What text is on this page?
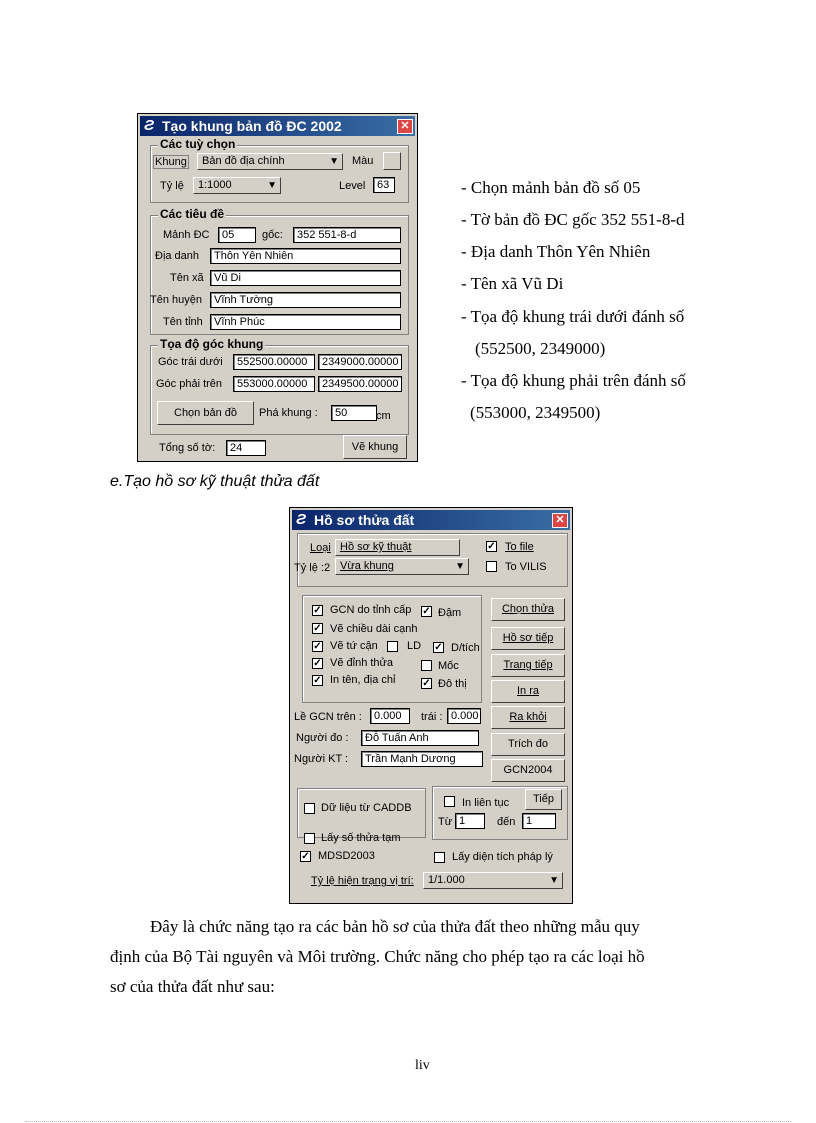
Ƨ Tạo khung bản đồ ĐC 2002	✕
Các tuỳ chọn
Khung	Bản đồ địa chính	▼ Màu
Tỷ lệ	1:1000	▼	Level	63
Các tiêu đề
Mảnh ĐC	05	gốc:	352 551-8-d
Địa danh	Thôn Yên Nhiên
Tên xã Vũ Di
Tên huyện	Vĩnh Tường
Tên tỉnh	Vĩnh Phúc
Tọa độ góc khung
Góc trái dưới	552500.00000	2349000.00000
Góc phải trên	553000.00000	2349500.00000
Chọn bản đồ	Phá khung :	50	cm
Tổng số tờ:	24	Vẽ khung
- Chọn mảnh bản đồ số 05
- Tờ bản đồ ĐC gốc 352 551-8-d
- Địa danh Thôn Yên Nhiên
- Tên xã Vũ Di
- Tọa độ khung trái dưới đánh số
(552500, 2349000)
- Tọa độ khung phải trên đánh số
(553000, 2349500)
e.Tạo hồ sơ kỹ thuật thửa đất
Ƨ Hồ sơ thửa đất	✕
Loại Hồ sơ kỹ thuật	✓ To file
Tỷ lệ :2 Vừa khung	▼	To VILIS
✓ GCN do tỉnh cấp ✓ Đậm
✓ Vẽ chiều dài cạnh
✓ Vẽ tứ cận	LD ✓ D/tích
✓ Vẽ đỉnh thửa	Mốc
✓ In tên, địa chỉ	✓ Đô thị
Chọn thửa
Hồ sơ tiếp
Trang tiếp
In ra
Ra khỏi
Trích đo
GCN2004
Lề GCN trên :	0.000	trái : 0.000
Người đo :	Đỗ Tuấn Anh
Người KT :	Trần Mạnh Dương
Dữ liệu từ CADDB	In liên tục	Tiếp
Từ 1	đến 1
Lấy số thửa tạm
✓ MDSD2003	Lấy diện tích pháp lý
Tỷ lệ hiện trạng vị trí:	1/1.000	▼
Đây là chức năng tạo ra các bản hồ sơ của thửa đất theo những mẫu quy
định của Bộ Tài nguyên và Môi trường. Chức năng cho phép tạo ra các loại hồ
sơ của thửa đất như sau:
liv
